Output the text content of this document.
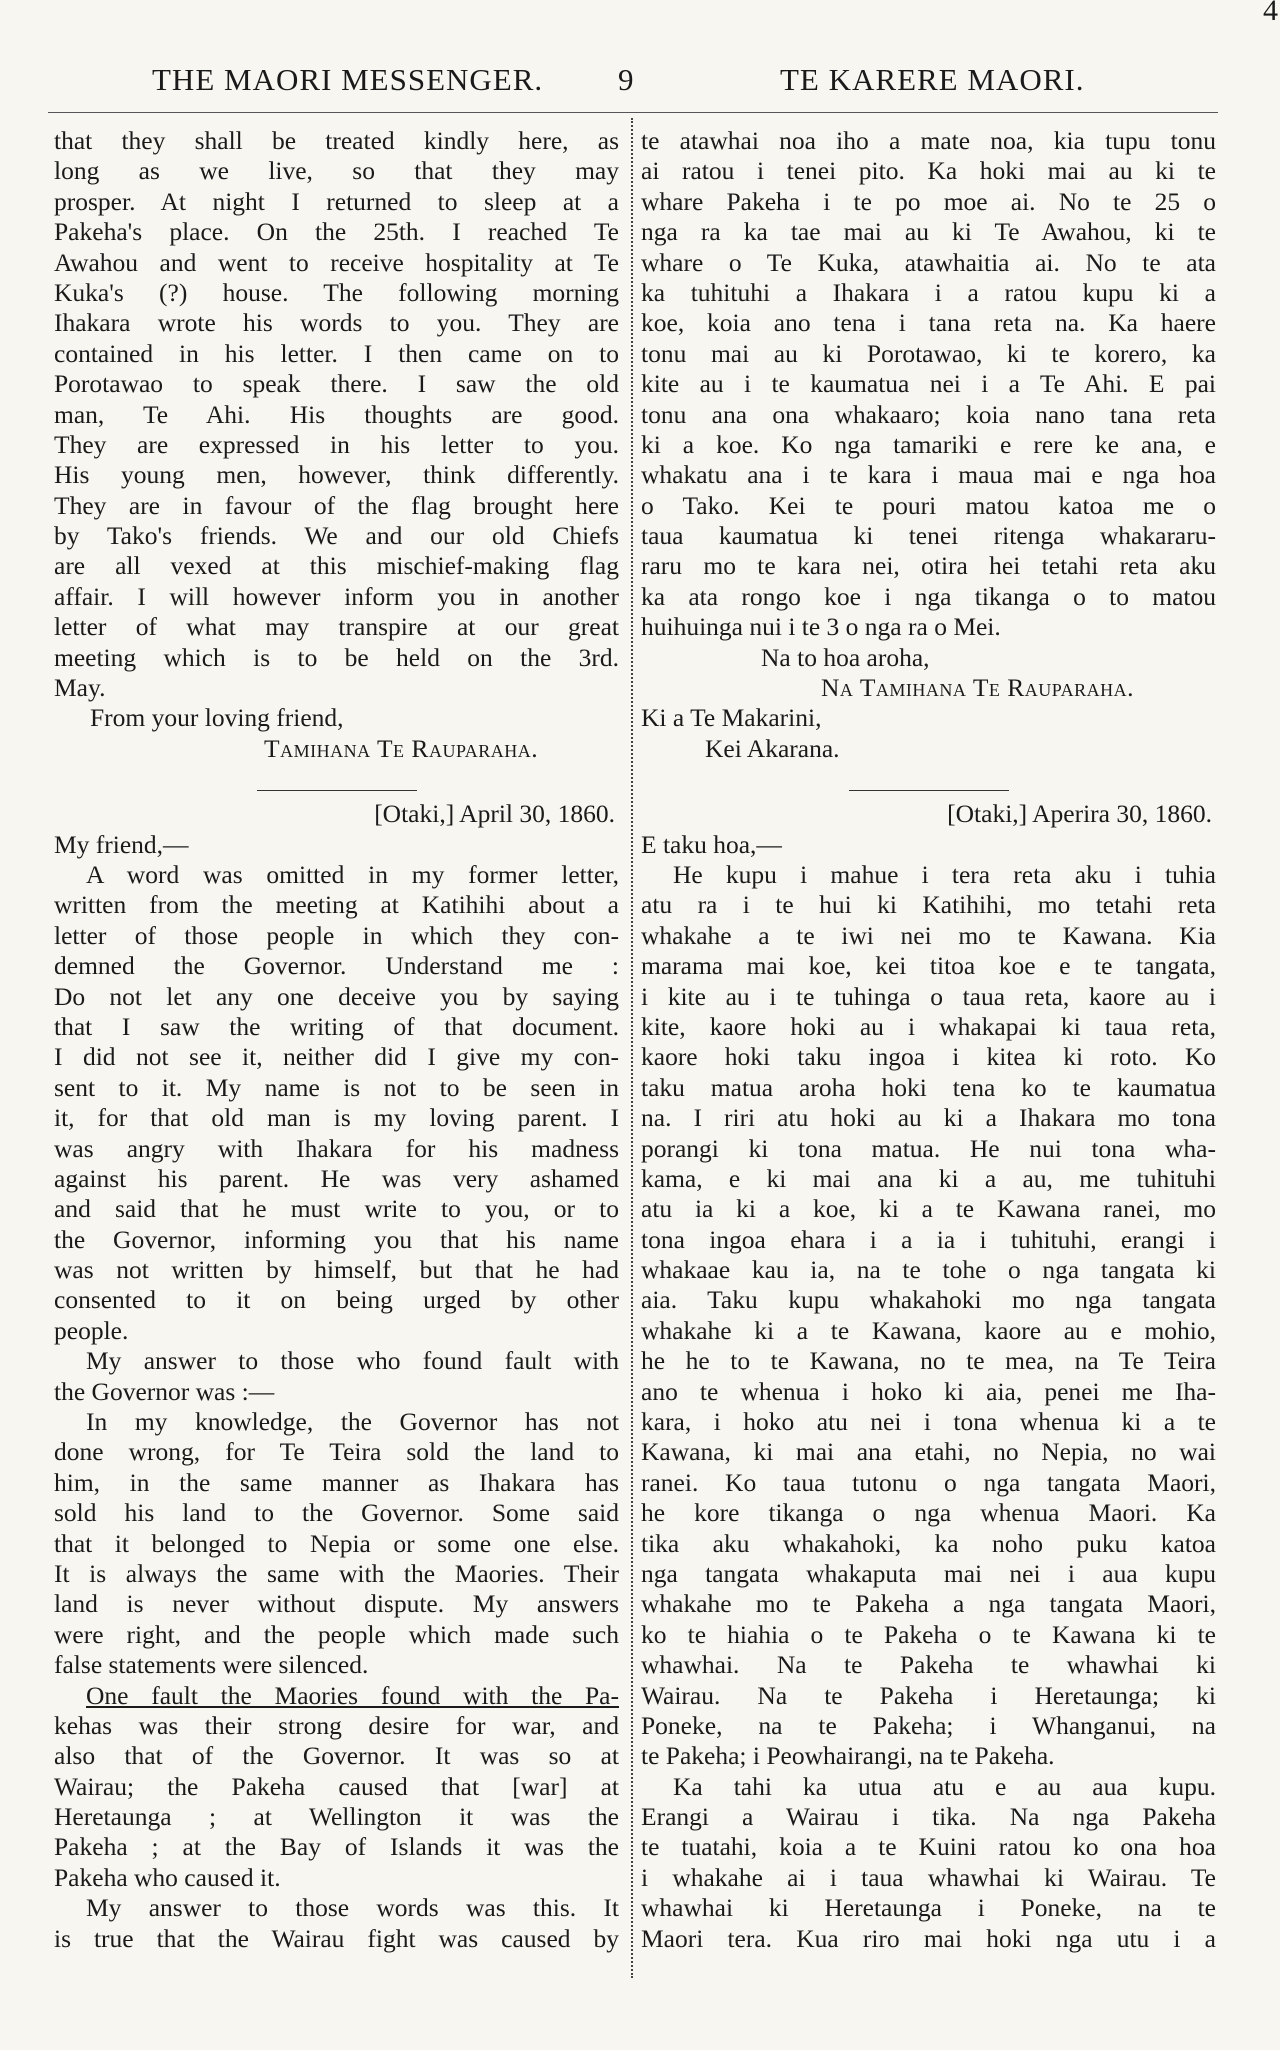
THE MAORI MESSENGER. 9	TE KARERE MAORI.
4
that they shall be treated kindly here, as
long as we live, so that they may
prosper. At night I returned to sleep at a
Pakeha's place. On the 25th. I reached Te
Awahou and went to receive hospitality at Te
Kuka's (?) house. The following morning
Ihakara wrote his words to you. They are
contained in his letter. I then came on to
Porotawao to speak there. I saw the old
man, Te Ahi. His thoughts are good.
They are expressed in his letter to you.
His young men, however, think differently.
They are in favour of the flag brought here
by Tako's friends. We and our old Chiefs
are all vexed at this mischief-making flag
affair. I will however inform you in another
letter of what may transpire at our great
meeting which is to be held on the 3rd.
May.
From your loving friend,
Tamihana Te Rauparaha.
[Otaki,] April 30, 1860.
My friend,—
A word was omitted in my former letter,
written from the meeting at Katihihi about a
letter of those people in which they con-
demned the Governor. Understand me :
Do not let any one deceive you by saying
that I saw the writing of that document.
I did not see it, neither did I give my con-
sent to it. My name is not to be seen in
it, for that old man is my loving parent. I
was angry with Ihakara for his madness
against his parent. He was very ashamed
and said that he must write to you, or to
the Governor, informing you that his name
was not written by himself, but that he had
consented to it on being urged by other
people.
My answer to those who found fault with
the Governor was :—
In my knowledge, the Governor has not
done wrong, for Te Teira sold the land to
him, in the same manner as Ihakara has
sold his land to the Governor. Some said
that it belonged to Nepia or some one else.
It is always the same with the Maories. Their
land is never without dispute. My answers
were right, and the people which made such
false statements were silenced.
One fault the Maories found with the Pa-
kehas was their strong desire for war, and
also that of the Governor. It was so at
Wairau; the Pakeha caused that [war] at
Heretaunga ; at Wellington it was the
Pakeha ; at the Bay of Islands it was the
Pakeha who caused it.
My answer to those words was this. It
is true that the Wairau fight was caused by
te atawhai noa iho a mate noa, kia tupu tonu
ai ratou i tenei pito. Ka hoki mai au ki te
whare Pakeha i te po moe ai. No te 25 o
nga ra ka tae mai au ki Te Awahou, ki te
whare o Te Kuka, atawhaitia ai. No te ata
ka tuhituhi a Ihakara i a ratou kupu ki a
koe, koia ano tena i tana reta na. Ka haere
tonu mai au ki Porotawao, ki te korero, ka
kite au i te kaumatua nei i a Te Ahi. E pai
tonu ana ona whakaaro; koia nano tana reta
ki a koe. Ko nga tamariki e rere ke ana, e
whakatu ana i te kara i maua mai e nga hoa
o Tako. Kei te pouri matou katoa me o
taua kaumatua ki tenei ritenga whakararu-
raru mo te kara nei, otira hei tetahi reta aku
ka ata rongo koe i nga tikanga o to matou
huihuinga nui i te 3 o nga ra o Mei.
Na to hoa aroha,
Na Tamihana Te Rauparaha.
Ki a Te Makarini,
Kei Akarana.
[Otaki,] Aperira 30, 1860.
E taku hoa,—
He kupu i mahue i tera reta aku i tuhia
atu ra i te hui ki Katihihi, mo tetahi reta
whakahe a te iwi nei mo te Kawana. Kia
marama mai koe, kei titoa koe e te tangata,
i kite au i te tuhinga o taua reta, kaore au i
kite, kaore hoki au i whakapai ki taua reta,
kaore hoki taku ingoa i kitea ki roto. Ko
taku matua aroha hoki tena ko te kaumatua
na. I riri atu hoki au ki a Ihakara mo tona
porangi ki tona matua. He nui tona wha-
kama, e ki mai ana ki a au, me tuhituhi
atu ia ki a koe, ki a te Kawana ranei, mo
tona ingoa ehara i a ia i tuhituhi, erangi i
whakaae kau ia, na te tohe o nga tangata ki
aia. Taku kupu whakahoki mo nga tangata
whakahe ki a te Kawana, kaore au e mohio,
he he to te Kawana, no te mea, na Te Teira
ano te whenua i hoko ki aia, penei me Iha-
kara, i hoko atu nei i tona whenua ki a te
Kawana, ki mai ana etahi, no Nepia, no wai
ranei. Ko taua tutonu o nga tangata Maori,
he kore tikanga o nga whenua Maori. Ka
tika aku whakahoki, ka noho puku katoa
nga tangata whakaputa mai nei i aua kupu
whakahe mo te Pakeha a nga tangata Maori,
ko te hiahia o te Pakeha o te Kawana ki te
whawhai. Na te Pakeha te whawhai ki
Wairau. Na te Pakeha i Heretaunga; ki
Poneke, na te Pakeha; i Whanganui, na
te Pakeha; i Peowhairangi, na te Pakeha.
Ka tahi ka utua atu e au aua kupu.
Erangi a Wairau i tika. Na nga Pakeha
te tuatahi, koia a te Kuini ratou ko ona hoa
i whakahe ai i taua whawhai ki Wairau. Te
whawhai ki Heretaunga i Poneke, na te
Maori tera. Kua riro mai hoki nga utu i a
